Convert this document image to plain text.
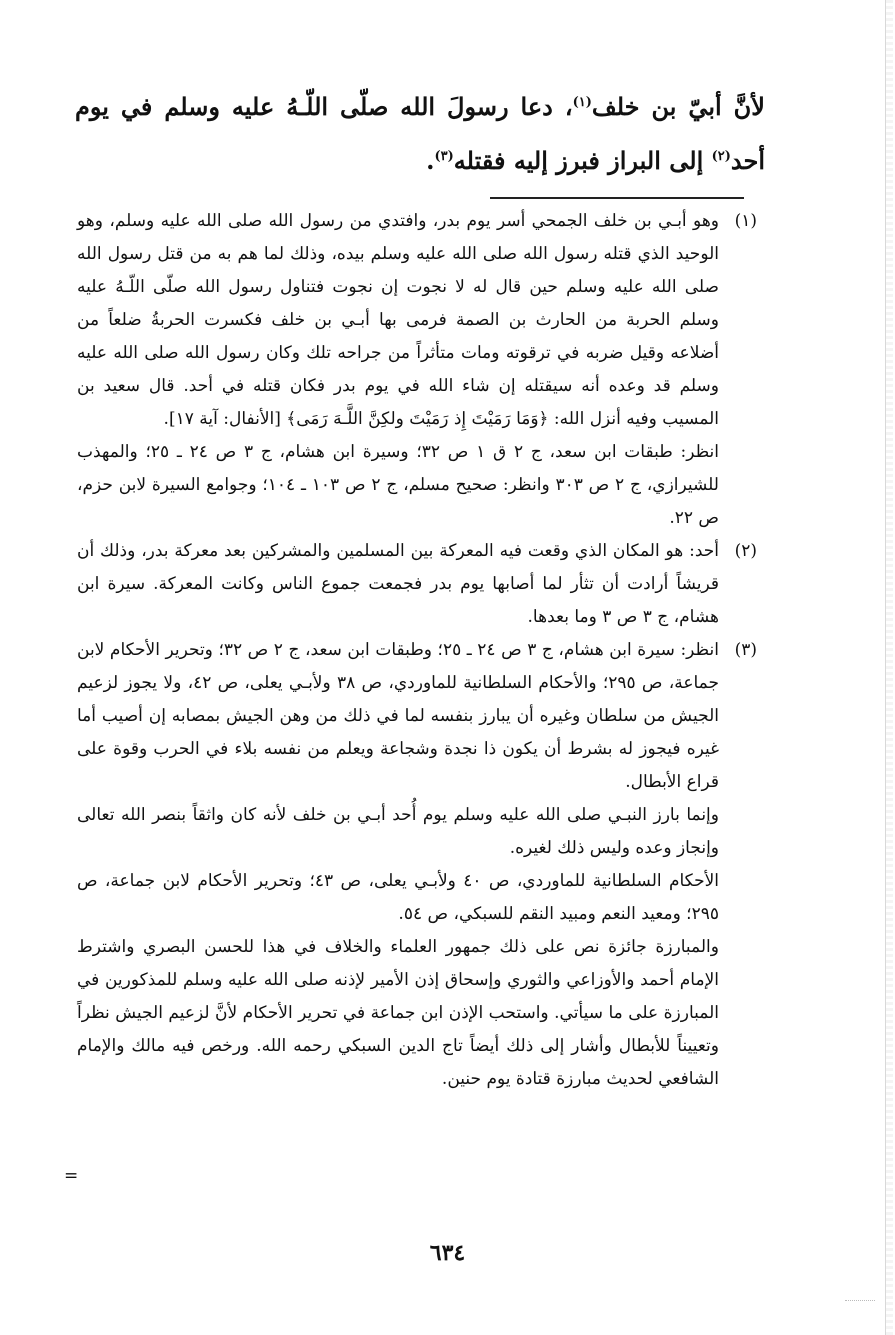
لأنَّ أبيّ بن خلف$^{(١)}$، دعا رسولَ الله صلّى اللّـهُ عليه وسلم في يوم أحد$^{(٢)}$ إلى البراز فبرز إليه فقتله$^{(٣)}$.
(١)
وهو أبـي بن خلف الجمحي أسر يوم بدر، وافتدي من رسول الله صلى الله عليه وسلم، وهو الوحيد الذي قتله رسول الله صلى الله عليه وسلم بيده، وذلك لما هم به من قتل رسول الله صلى الله عليه وسلم حين قال له لا نجوت إن نجوت فتناول رسول الله صلّى اللّـهُ عليه وسلم الحربة من الحارث بن الصمة فرمى بها أبـي بن خلف فكسرت الحربةُ ضلعاً من أضلاعه وقيل ضربه في ترقوته ومات متأثراً من جراحه تلك وكان رسول الله صلى الله عليه وسلم قد وعده أنه سيقتله إن شاء الله في يوم بدر فكان قتله في أحد. قال سعيد بن المسيب وفيه أنزل الله: ﴿وَمَا رَمَيْتَ إِذ رَمَيْتَ ولكِنَّ اللَّـهَ رَمَى﴾ [الأنفال: آية ١٧].
انظر: طبقات ابن سعد، ج ٢ ق ١ ص ٣٢؛ وسيرة ابن هشام، ج ٣ ص ٢٤ ـ ٢٥؛ والمهذب للشيرازي، ج ٢ ص ٣٠٣ وانظر: صحيح مسلم، ج ٢ ص ١٠٣ ـ ١٠٤؛ وجوامع السيرة لابن حزم، ص ٢٢.
(٢)
أحد: هو المكان الذي وقعت فيه المعركة بين المسلمين والمشركين بعد معركة بدر، وذلك أن قريشاً أرادت أن تثأر لما أصابها يوم بدر فجمعت جموع الناس وكانت المعركة. سيرة ابن هشام، ج ٣ ص ٣ وما بعدها.
(٣)
انظر: سيرة ابن هشام، ج ٣ ص ٢٤ ـ ٢٥؛ وطبقات ابن سعد، ج ٢ ص ٣٢؛ وتحرير الأحكام لابن جماعة، ص ٢٩٥؛ والأحكام السلطانية للماوردي، ص ٣٨ ولأبـي يعلى، ص ٤٢، ولا يجوز لزعيم الجيش من سلطان وغيره أن يبارز بنفسه لما في ذلك من وهن الجيش بمصابه إن أصيب أما غيره فيجوز له بشرط أن يكون ذا نجدة وشجاعة ويعلم من نفسه بلاء في الحرب وقوة على قراع الأبطال.
وإنما بارز النبـي صلى الله عليه وسلم يوم أُحد أبـي بن خلف لأنه كان واثقاً بنصر الله تعالى وإنجاز وعده وليس ذلك لغيره.
الأحكام السلطانية للماوردي، ص ٤٠ ولأبـي يعلى، ص ٤٣؛ وتحرير الأحكام لابن جماعة، ص ٢٩٥؛ ومعيد النعم ومبيد النقم للسبكي، ص ٥٤.
والمبارزة جائزة نص على ذلك جمهور العلماء والخلاف في هذا للحسن البصري واشترط الإمام أحمد والأوزاعي والثوري وإسحاق إذن الأمير لإذنه صلى الله عليه وسلم للمذكورين في المبارزة على ما سيأتي. واستحب الإذن ابن جماعة في تحرير الأحكام لأنَّ لزعيم الجيش نظراً وتعييناً للأبطال وأشار إلى ذلك أيضاً تاج الدين السبكي رحمه الله. ورخص فيه مالك والإمام الشافعي لحديث مبارزة قتادة يوم حنين.
=
٦٣٤
